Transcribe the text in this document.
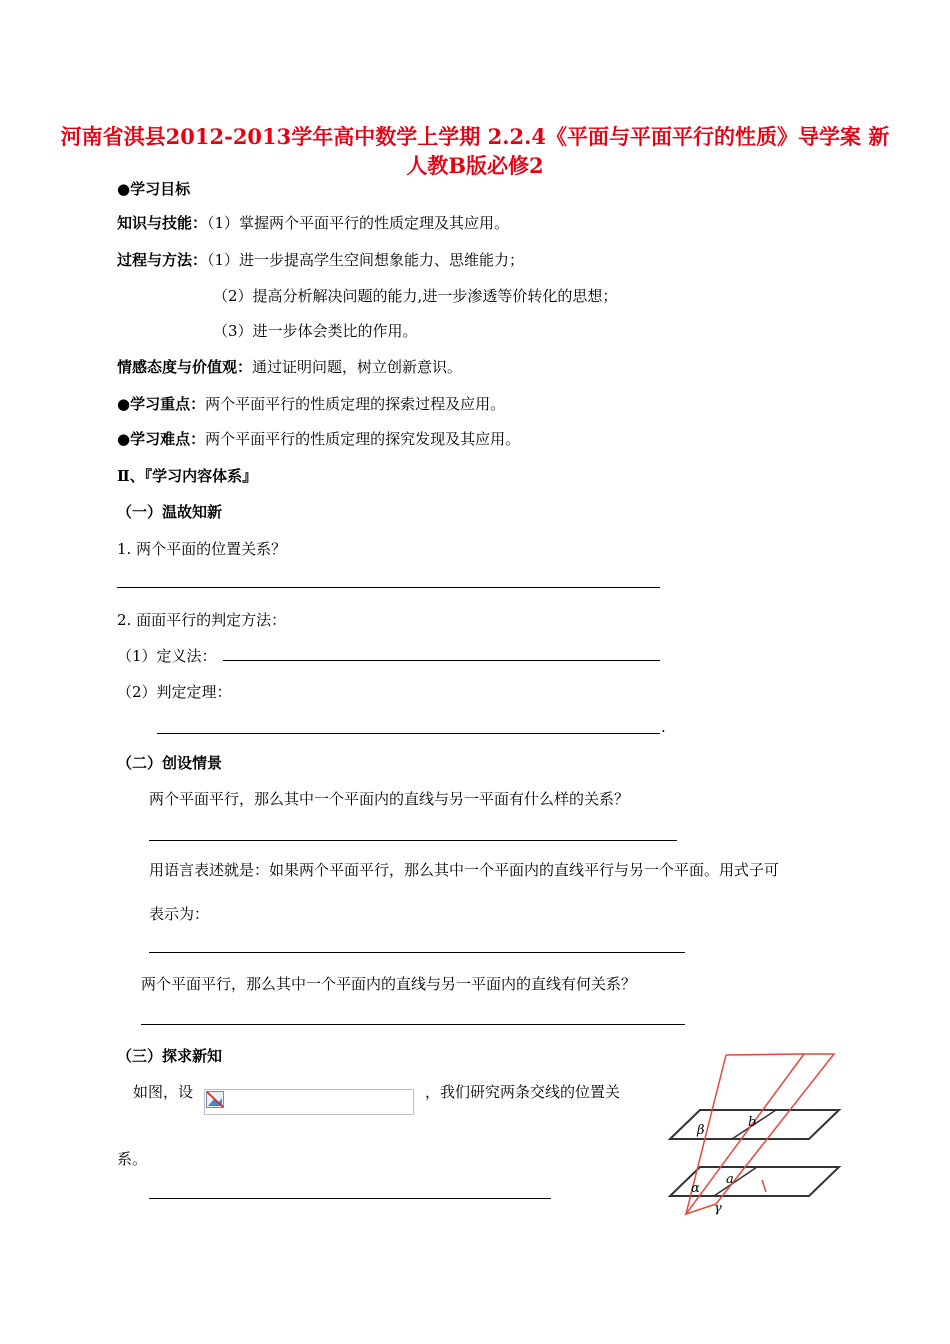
河南省淇县2012-2013学年高中数学上学期 2.2.4《平面与平面平行的性质》导学案 新人教B版必修2
●学习目标
知识与技能：（1）掌握两个平面平行的性质定理及其应用。
过程与方法：（1）进一步提高学生空间想象能力、思维能力；
（2）提高分析解决问题的能力,进一步渗透等价转化的思想；
（3）进一步体会类比的作用。
情感态度与价值观：通过证明问题，树立创新意识。
●学习重点：两个平面平行的性质定理的探索过程及应用。
●学习难点：两个平面平行的性质定理的探究发现及其应用。
Ⅱ、『学习内容体系』
（一）温故知新
1. 两个平面的位置关系？
2. 面面平行的判定方法：
（1）定义法：
（2）判定定理：
.
（二）创设情景
两个平面平行，那么其中一个平面内的直线与另一平面有什么样的关系？
用语言表述就是：如果两个平面平行，那么其中一个平面内的直线平行与另一个平面。用式子可
表示为：
两个平面平行，那么其中一个平面内的直线与另一平面内的直线有何关系？
（三）探求新知
如图，设	，我们研究两条交线的位置关
系。
β
b
α
a
γ
